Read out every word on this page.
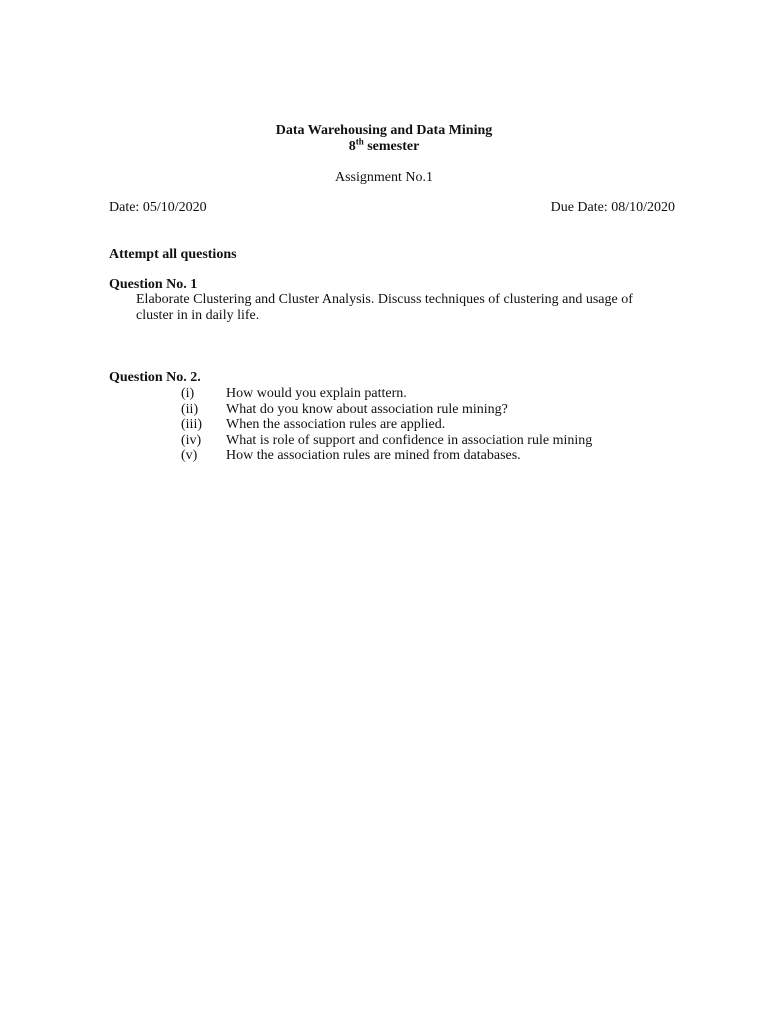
Data Warehousing and Data Mining
8th semester
Assignment No.1
Date: 05/10/2020	Due Date: 08/10/2020
Attempt all questions
Question No. 1
Elaborate Clustering and Cluster Analysis. Discuss techniques of clustering and usage of
cluster in in daily life.
Question No. 2.
(i)	How would you explain pattern.
(ii)	What do you know about association rule mining?
(iii)	When the association rules are applied.
(iv)	What is role of support and confidence in association rule mining
(v)	How the association rules are mined from databases.
